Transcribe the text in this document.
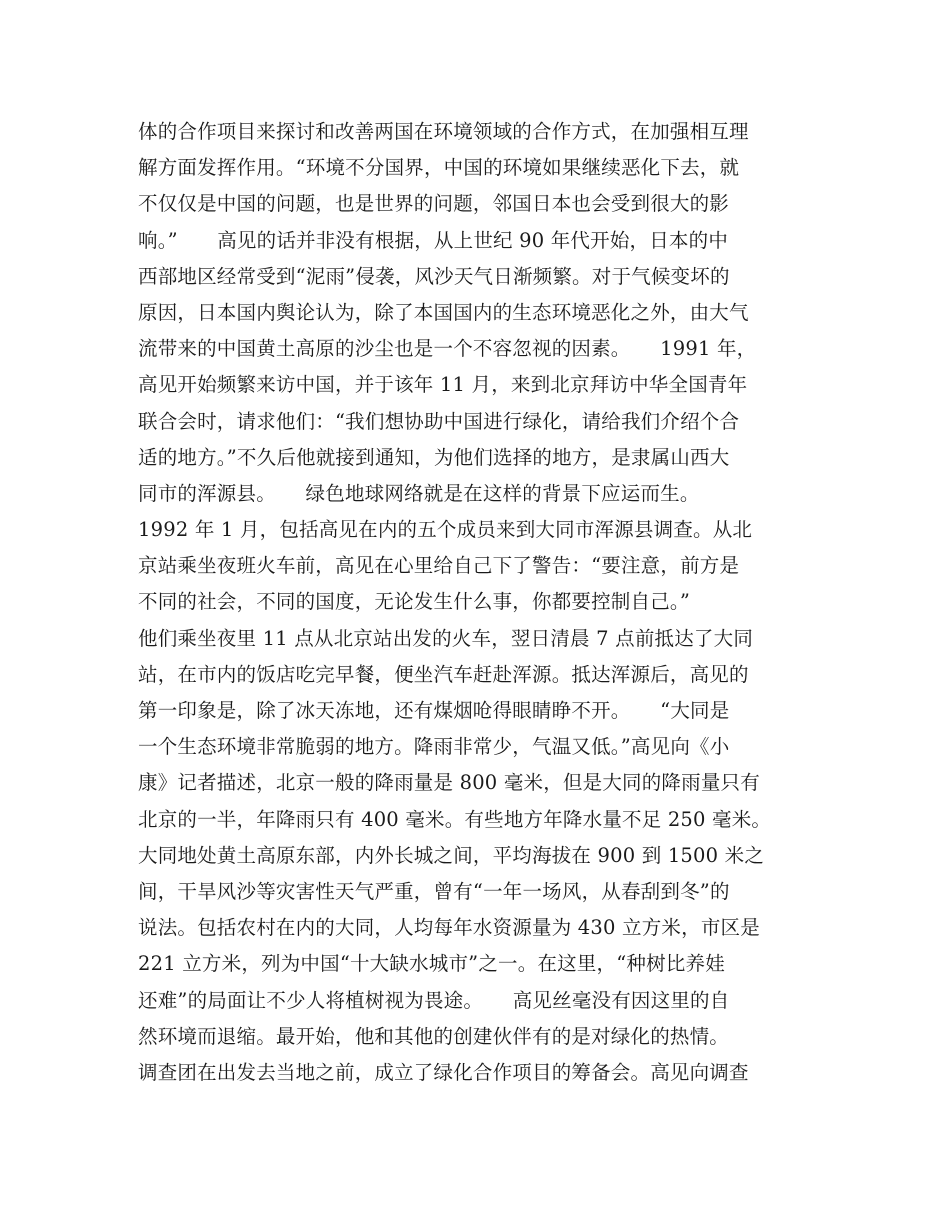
体的合作项目来探讨和改善两国在环境领域的合作方式，在加强相互理
解方面发挥作用。“环境不分国界，中国的环境如果继续恶化下去，就
不仅仅是中国的问题，也是世界的问题，邻国日本也会受到很大的影
响。”　　高见的话并非没有根据，从上世纪 90 年代开始，日本的中
西部地区经常受到“泥雨”侵袭，风沙天气日渐频繁。对于气候变坏的
原因，日本国内舆论认为，除了本国国内的生态环境恶化之外，由大气
流带来的中国黄土高原的沙尘也是一个不容忽视的因素。　　1991 年，
高见开始频繁来访中国，并于该年 11 月，来到北京拜访中华全国青年
联合会时，请求他们：“我们想协助中国进行绿化，请给我们介绍个合
适的地方。”不久后他就接到通知，为他们选择的地方，是隶属山西大
同市的浑源县。　　绿色地球网络就是在这样的背景下应运而生。
1992 年 1 月，包括高见在内的五个成员来到大同市浑源县调查。从北
京站乘坐夜班火车前，高见在心里给自己下了警告：“要注意，前方是
不同的社会，不同的国度，无论发生什么事，你都要控制自己。”
他们乘坐夜里 11 点从北京站出发的火车，翌日清晨 7 点前抵达了大同
站，在市内的饭店吃完早餐，便坐汽车赶赴浑源。抵达浑源后，高见的
第一印象是，除了冰天冻地，还有煤烟呛得眼睛睁不开。　　“大同是
一个生态环境非常脆弱的地方。降雨非常少，气温又低。”高见向《小
康》记者描述，北京一般的降雨量是 800 毫米，但是大同的降雨量只有
北京的一半，年降雨只有 400 毫米。有些地方年降水量不足 250 毫米。
大同地处黄土高原东部，内外长城之间，平均海拔在 900 到 1500 米之
间，干旱风沙等灾害性天气严重，曾有“一年一场风，从春刮到冬”的
说法。包括农村在内的大同，人均每年水资源量为 430 立方米，市区是
221 立方米，列为中国“十大缺水城市”之一。在这里，“种树比养娃
还难”的局面让不少人将植树视为畏途。　　高见丝毫没有因这里的自
然环境而退缩。最开始，他和其他的创建伙伴有的是对绿化的热情。
调查团在出发去当地之前，成立了绿化合作项目的筹备会。高见向调查
